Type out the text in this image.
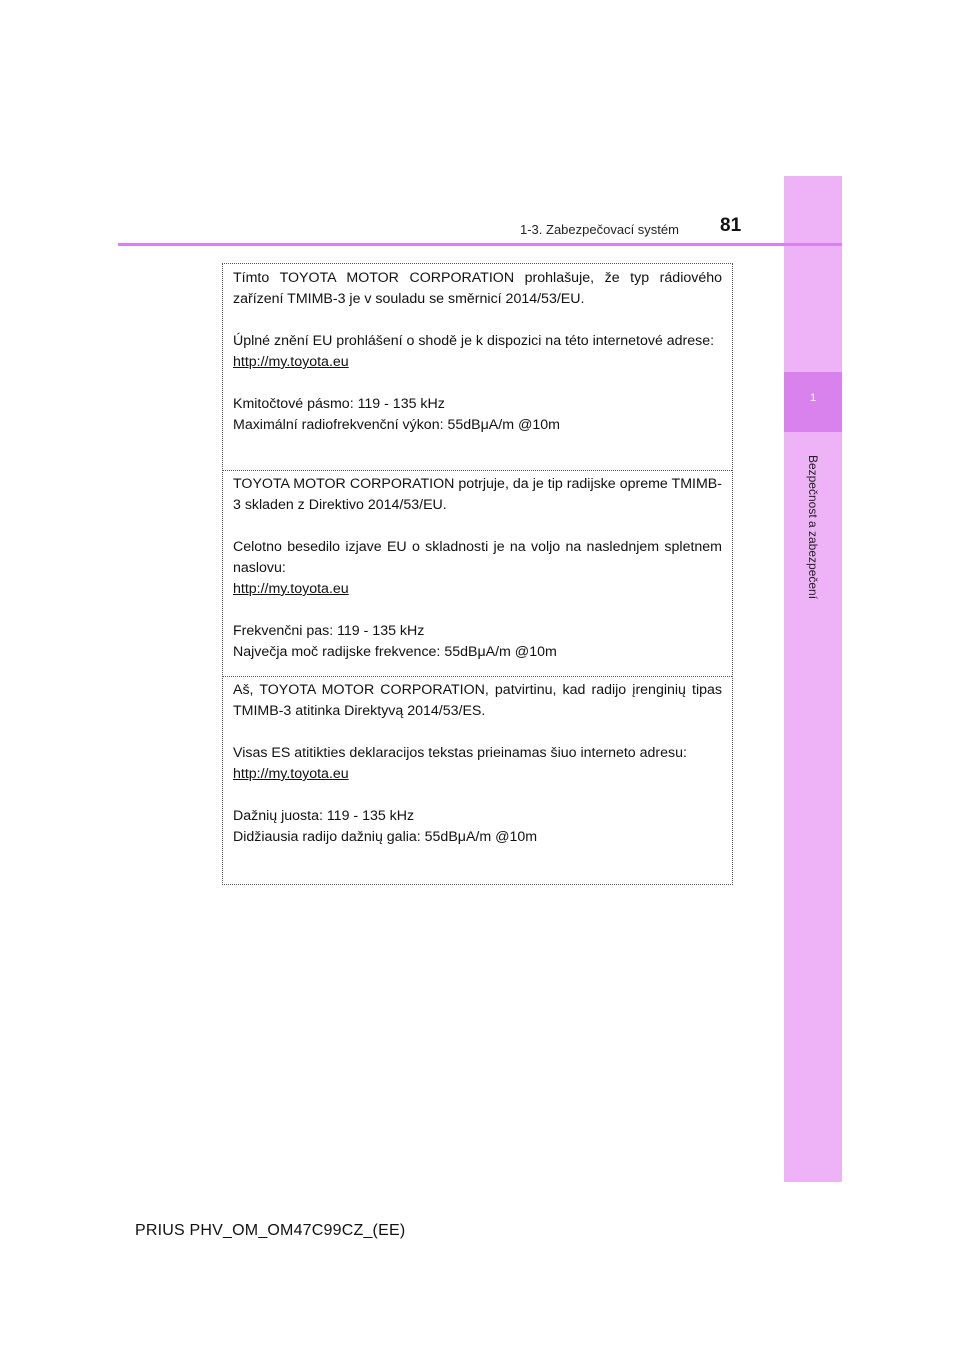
1
Bezpečnost a zabezpečení
1-3. Zabezpečovací systém 81

Tímto TOYOTA MOTOR CORPORATION prohlašuje, že typ rádiového zařízení TMIMB-3 je v souladu se směrnicí 2014/53/EU.

Úplné znění EU prohlášení o shodě je k dispozici na této internetové adrese:

http://my.toyota.eu

Kmitočtové pásmo: 119 - 135 kHz

Maximální radiofrekvenční výkon: 55dBμA/m @10m

TOYOTA MOTOR CORPORATION potrjuje, da je tip radijske opreme TMIMB-3 skladen z Direktivo 2014/53/EU.

Celotno besedilo izjave EU o skladnosti je na voljo na naslednjem spletnem naslovu:

http://my.toyota.eu

Frekvenčni pas: 119 - 135 kHz

Največja moč radijske frekvence: 55dBμA/m @10m

Aš, TOYOTA MOTOR CORPORATION, patvirtinu, kad radijo įrenginių tipas TMIMB-3 atitinka Direktyvą 2014/53/ES.

Visas ES atitikties deklaracijos tekstas prieinamas šiuo interneto adresu:

http://my.toyota.eu

Dažnių juosta: 119 - 135 kHz

Didžiausia radijo dažnių galia: 55dBμA/m @10m

PRIUS PHV_OM_OM47C99CZ_(EE)
